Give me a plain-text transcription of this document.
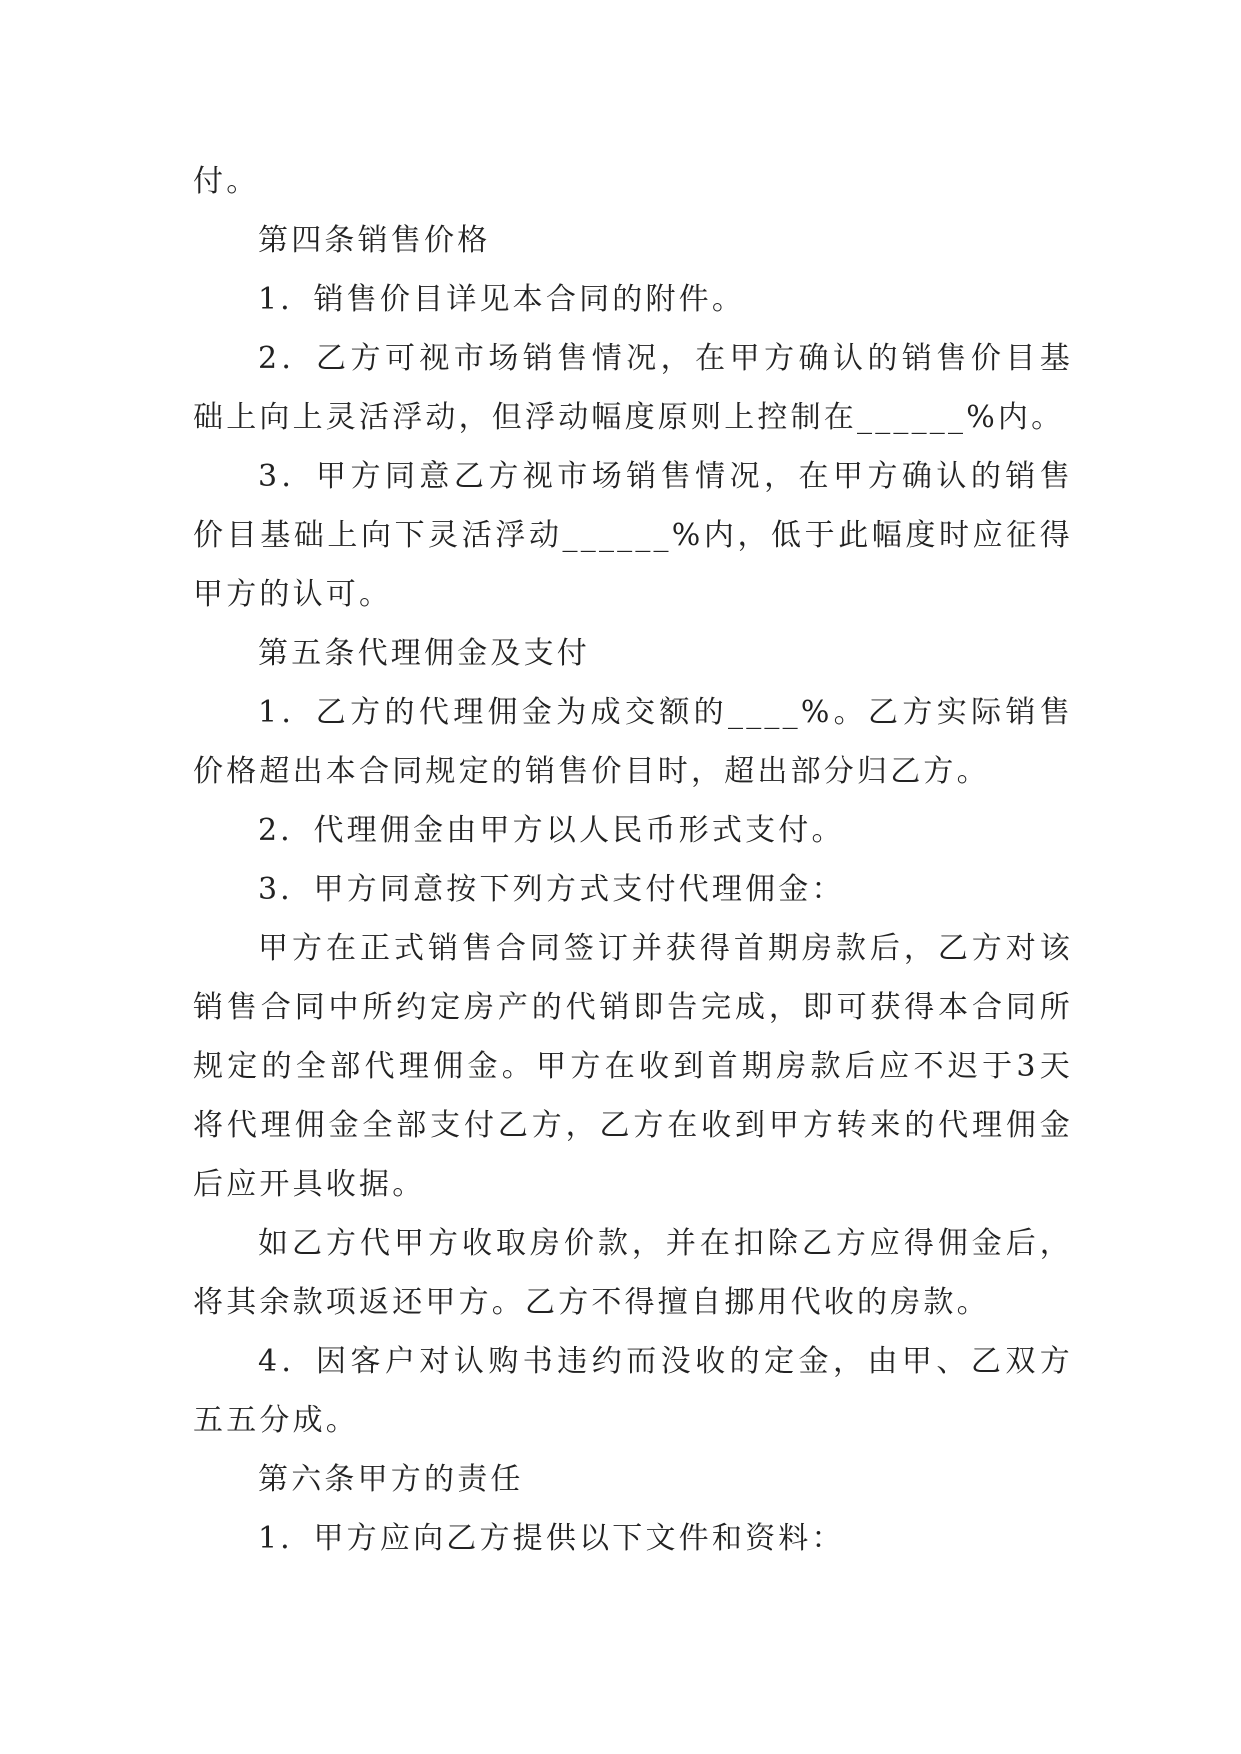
付。

第四条销售价格

1．销售价目详见本合同的附件。

2．乙方可视市场销售情况，在甲方确认的销售价目基础上向上灵活浮动，但浮动幅度原则上控制在______%内。

3．甲方同意乙方视市场销售情况，在甲方确认的销售价目基础上向下灵活浮动______%内，低于此幅度时应征得甲方的认可。

第五条代理佣金及支付

1．乙方的代理佣金为成交额的____%。乙方实际销售价格超出本合同规定的销售价目时，超出部分归乙方。

2．代理佣金由甲方以人民币形式支付。

3．甲方同意按下列方式支付代理佣金：

甲方在正式销售合同签订并获得首期房款后，乙方对该销售合同中所约定房产的代销即告完成，即可获得本合同所规定的全部代理佣金。甲方在收到首期房款后应不迟于3天将代理佣金全部支付乙方，乙方在收到甲方转来的代理佣金后应开具收据。

如乙方代甲方收取房价款，并在扣除乙方应得佣金后，将其余款项返还甲方。乙方不得擅自挪用代收的房款。

4．因客户对认购书违约而没收的定金，由甲、乙双方五五分成。

第六条甲方的责任

1．甲方应向乙方提供以下文件和资料：
